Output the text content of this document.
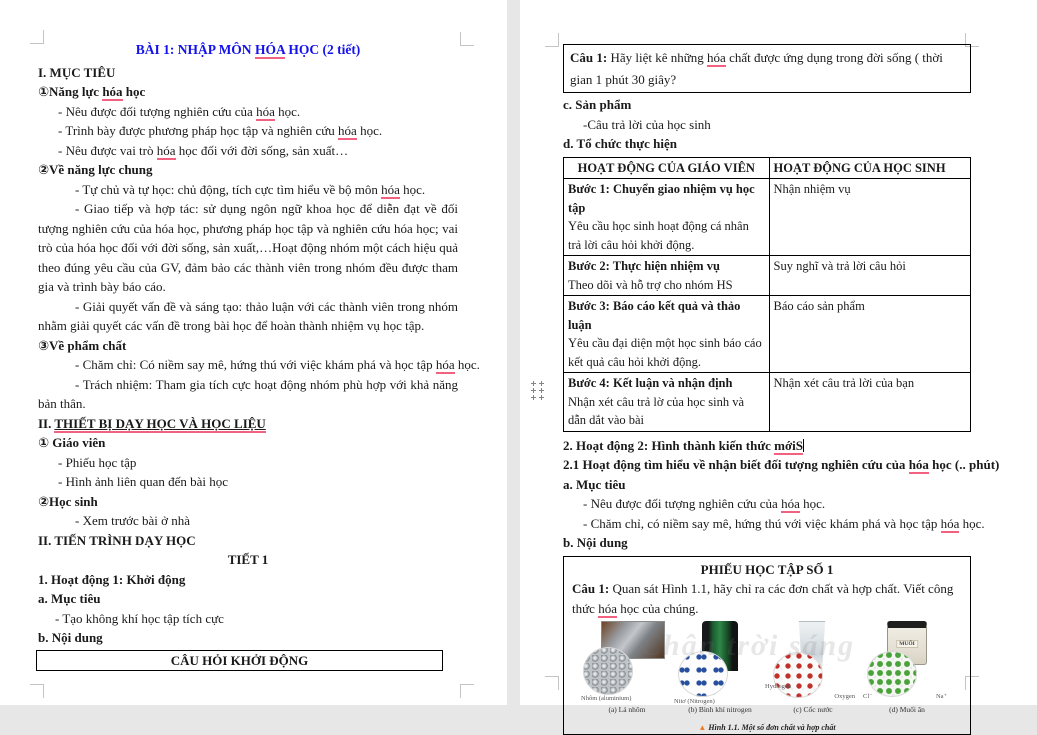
BÀI 1: NHẬP MÔN HÓA HỌC (2 tiết)
I. MỤC TIÊU
①Năng lực hóa học
- Nêu được đối tượng nghiên cứu của hóa học.
- Trình bày được phương pháp học tập và nghiên cứu hóa học.
- Nêu được vai trò hóa học đối với đời sống, sản xuất…
②Về năng lực chung
- Tự chủ và tự học: chủ động, tích cực tìm hiểu về bộ môn hóa học.
- Giao tiếp và hợp tác: sử dụng ngôn ngữ khoa học để diễn đạt về đối tượng nghiên cứu của hóa học, phương pháp học tập và nghiên cứu hóa học; vai trò của hóa học đối với đời sống, sản xuất,…Hoạt động nhóm một cách hiệu quả theo đúng yêu cầu của GV, đảm bảo các thành viên trong nhóm đều được tham gia và trình bày báo cáo.
- Giải quyết vấn đề và sáng tạo: thảo luận với các thành viên trong nhóm nhằm giải quyết các vấn đề trong bài học để hoàn thành nhiệm vụ học tập.
③Về phẩm chất
- Chăm chỉ: Có niềm say mê, hứng thú với việc khám phá và học tập hóa học.
- Trách nhiệm: Tham gia tích cực hoạt động nhóm phù hợp với khả năng bản thân.
II. THIẾT BỊ DẠY HỌC VÀ HỌC LIỆU
① Giáo viên
- Phiếu học tập
- Hình ảnh liên quan đến bài học
②Học sinh
- Xem trước bài ở nhà
II. TIẾN TRÌNH DẠY HỌC
TIẾT 1
1. Hoạt động 1: Khởi động
a. Mục tiêu
- Tạo không khí học tập tích cực
b. Nội dung
CÂU HỎI KHỞI ĐỘNG
Câu 1: Hãy liệt kê những hóa chất được ứng dụng trong đời sống ( thời gian 1 phút 30 giây?
c. Sản phẩm
-Câu trả lời của học sinh
d. Tổ chức thực hiện
HOẠT ĐỘNG CỦA GIÁO VIÊN	HOẠT ĐỘNG CỦA HỌC SINH
Bước 1: Chuyển giao nhiệm vụ học tập
Yêu cầu học sinh hoạt động cá nhân trả lời câu hỏi khởi động.	Nhận nhiệm vụ
Bước 2: Thực hiện nhiệm vụ
Theo dõi và hỗ trợ cho nhóm HS	Suy nghĩ và trả lời câu hỏi
Bước 3: Báo cáo kết quả và thảo luận
Yêu cầu đại diện một học sinh báo cáo kết quả câu hỏi khởi động.	Báo cáo sản phẩm
Bước 4: Kết luận và nhận định
Nhận xét câu trả lờ của học sinh và dẫn dắt vào bài	Nhận xét câu trả lời của bạn
2. Hoạt động 2: Hình thành kiến thức mớiS
2.1 Hoạt động tìm hiểu về nhận biết đối tượng nghiên cứu của hóa học (.. phút)
a. Mục tiêu
- Nêu được đối tượng nghiên cứu của hóa học.
- Chăm chỉ, có niềm say mê, hứng thú với việc khám phá và học tập hóa học.
b. Nội dung
PHIẾU HỌC TẬP SỐ 1
Câu 1: Quan sát Hình 1.1, hãy chỉ ra các đơn chất và hợp chất. Viết công thức hóa học của chúng.
Chân trời sáng
Nhôm (aluminium)
(a) Lá nhôm
Nitơ (Nitrogen)
(b) Bình khí nitrogen
Hydrogen
Oxygen
(c) Cốc nước
MUỐI
Cl⁻	Na⁺
(d) Muối ăn
▲ Hình 1.1. Một số đơn chất và hợp chất
